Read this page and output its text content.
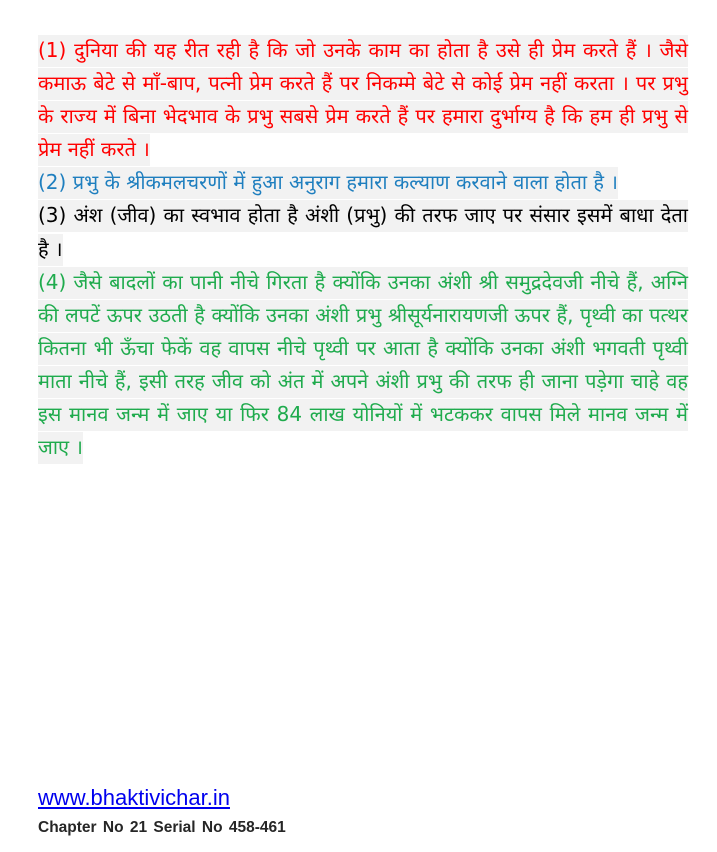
(1) दुनिया की यह रीत रही है कि जो उनके काम का होता है उसे ही प्रेम करते हैं । जैसे कमाऊ बेटे से माँ-बाप, पत्नी प्रेम करते हैं पर निकम्मे बेटे से कोई प्रेम नहीं करता । पर प्रभु के राज्य में बिना भेदभाव के प्रभु सबसे प्रेम करते हैं पर हमारा दुर्भाग्य है कि हम ही प्रभु से प्रेम नहीं करते ।

(2) प्रभु के श्रीकमलचरणों में हुआ अनुराग हमारा कल्याण करवाने वाला होता है ।

(3) अंश (जीव) का स्वभाव होता है अंशी (प्रभु) की तरफ जाए पर संसार इसमें बाधा देता है ।

(4) जैसे बादलों का पानी नीचे गिरता है क्योंकि उनका अंशी श्री समुद्रदेवजी नीचे हैं, अग्नि की लपटें ऊपर उठती है क्योंकि उनका अंशी प्रभु श्रीसूर्यनारायणजी ऊपर हैं, पृथ्वी का पत्थर कितना भी ऊँचा फेकें वह वापस नीचे पृथ्वी पर आता है क्योंकि उनका अंशी भगवती पृथ्वी माता नीचे हैं, इसी तरह जीव को अंत में अपने अंशी प्रभु की तरफ ही जाना पड़ेगा चाहे वह इस मानव जन्म में जाए या फिर 84 लाख योनियों में भटककर वापस मिले मानव जन्म में जाए ।

www.bhaktivichar.in
Chapter No 21 Serial No 458-461
